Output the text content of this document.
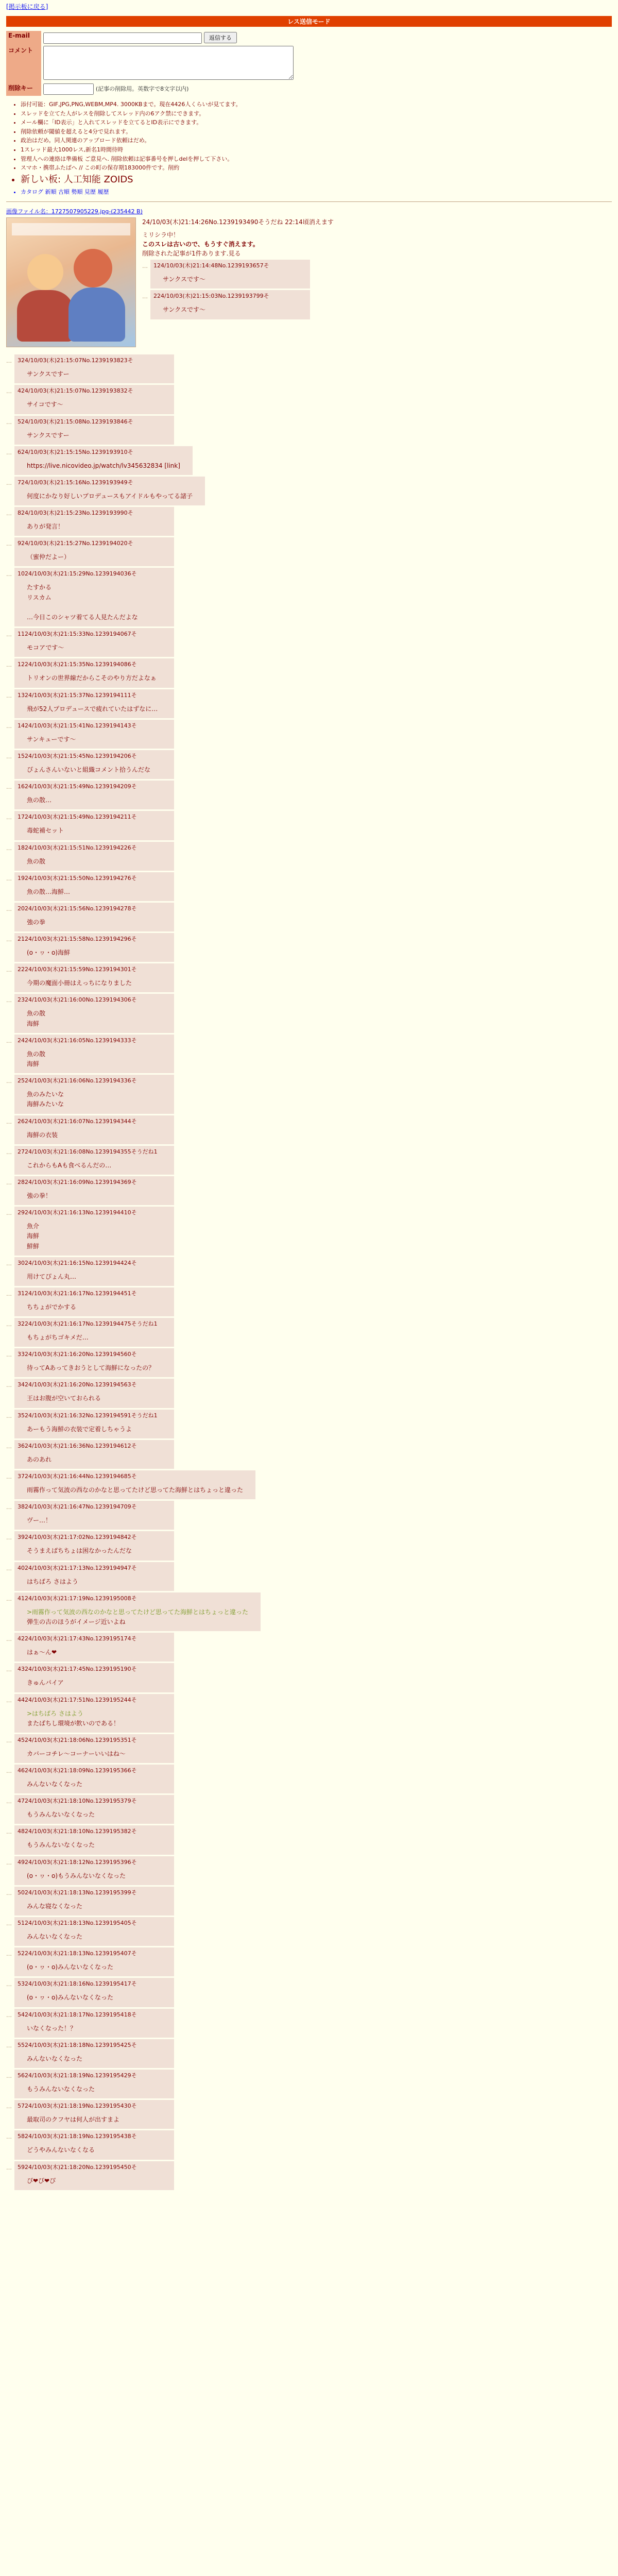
[掲示板に戻る]
レス送信モード
E-mail	返信する
コメント	
削除キー	(記事の削除用。英数字で8文字以内)
• 添付可能：GIF,JPG,PNG,WEBM,MP4. 3000KBまで。現在4426人くらいが見てます。
• スレッドを立てた人がレスを削除してスレッド内の6アク禁にできます。
• メール欄に「ID表示」と入れてスレッドを立てるとID表示にできます。
• 削除依頼が閾値を超えると4分で見れます。
• 政治はだめ。同人関連のアップロード依頼はだめ。
• 1スレッド最大1000レス,新名1時間待時
• 管理人への連絡は準備板 ご意見へ. 削除依頼は記事番号を押しdelを押して下さい。
• スマホ・携帯ふたばへ // この町の保存期183000件です。削約
• 新しい板: 人工知能 ZOIDS
• カタログ 新順 古順 勢順 見歴 履歴
画像ファイル名：1727507905229.jpg-(235442 B)
24/10/03(木)21:14:26No.1239193490そうだね 22:14頃消えます
ミリシラ中！
このスレは古いので、もうすぐ消えます。
削除された記事が1件あります.見る
…	124/10/03(木)21:14:48No.1239193657そ
サンクスです〜
…	224/10/03(木)21:15:03No.1239193799そ
サンクスです〜
…	324/10/03(木)21:15:07No.1239193823そ
サンクスですー
…	424/10/03(木)21:15:07No.1239193832そ
サイコです〜
…	524/10/03(木)21:15:08No.1239193846そ
サンクスですー
…	624/10/03(木)21:15:15No.1239193910そ
https://live.nicovideo.jp/watch/lv345632834 [link]
…	724/10/03(木)21:15:16No.1239193949そ
何度にかなり好しいプロデュースもアイドルもやってる諸子
…	824/10/03(木)21:15:23No.1239193990そ
ありが発言！
…	924/10/03(木)21:15:27No.1239194020そ
（蜜仲だよー）
…	1024/10/03(木)21:15:29No.1239194036そ
たすかる
リスカム

…今日このシャツ着てる人見たんだよな
…	1124/10/03(木)21:15:33No.1239194067そ
モコアです〜
…	1224/10/03(木)21:15:35No.1239194086そ
トリオンの世界線だからこそのやり方だよなぁ
…	1324/10/03(木)21:15:37No.1239194111そ
飛が52人プロデュースで疲れていたはずなに…
…	1424/10/03(木)21:15:41No.1239194143そ
サンキューです〜
…	1524/10/03(木)21:15:45No.1239194206そ
ぴょんさんいないと組織コメント拾うんだな
…	1624/10/03(木)21:15:49No.1239194209そ
魚の散…
…	1724/10/03(木)21:15:49No.1239194211そ
毒蛇補セット
…	1824/10/03(木)21:15:51No.1239194226そ
魚の散
…	1924/10/03(木)21:15:50No.1239194276そ
魚の散…海鮮…
…	2024/10/03(木)21:15:56No.1239194278そ
強の拳
…	2124/10/03(木)21:15:58No.1239194296そ
(o・ヮ・o)海鮮
…	2224/10/03(木)21:15:59No.1239194301そ
今期の魔面小冊はえっちになりました
…	2324/10/03(木)21:16:00No.1239194306そ
魚の散
海鮮
…	2424/10/03(木)21:16:05No.1239194333そ
魚の散
海鮮
…	2524/10/03(木)21:16:06No.1239194336そ
魚のみたいな
海鮮みたいな
…	2624/10/03(木)21:16:07No.1239194344そ
海鮮の衣装
…	2724/10/03(木)21:16:08No.1239194355そうだね1
これからもAも食べるんだの…
…	2824/10/03(木)21:16:09No.1239194369そ
強の拳！
…	2924/10/03(木)21:16:13No.1239194410そ
魚介
海鮮
鮮鮮
…	3024/10/03(木)21:16:15No.1239194424そ
用けてぴょん丸…
…	3124/10/03(木)21:16:17No.1239194451そ
ちちょがでかする
…	3224/10/03(木)21:16:17No.1239194475そうだね1
もちょがちゴキメだ…
…	3324/10/03(木)21:16:20No.1239194560そ
待ってAあってきおうとして海鮮になったの？
…	3424/10/03(木)21:16:20No.1239194563そ
王はお腹が空いておられる
…	3524/10/03(木)21:16:32No.1239194591そうだね1
あーもう海鮮の衣装で定着しちゃうよ
…	3624/10/03(木)21:16:36No.1239194612そ
あのあれ
…	3724/10/03(木)21:16:44No.1239194685そ
雨霧作って気波の西なのかなと思ってたけど思ってた海鮮とはちょっと違った
…	3824/10/03(木)21:16:47No.1239194709そ
ヴー…！
…	3924/10/03(木)21:17:02No.1239194842そ
そうまえばちちょは困なかったんだな
…	4024/10/03(木)21:17:13No.1239194947そ
はちばろ さはよう
…	4124/10/03(木)21:17:19No.1239195008そ
>雨霧作って気波の西なのかなと思ってたけど思ってた海鮮とはちょっと違った
弾生の古のほうがイメージ近いよね
…	4224/10/03(木)21:17:43No.1239195174そ
はぁ〜ん❤
…	4324/10/03(木)21:17:45No.1239195190そ
きゅんパイア
…	4424/10/03(木)21:17:51No.1239195244そ
>はちばろ さはよう
またばちし環境が飲いのである！
…	4524/10/03(木)21:18:06No.1239195351そ
カバーコチレ〜コーナーいいはね〜
…	4624/10/03(木)21:18:09No.1239195366そ
みんないなくなった
…	4724/10/03(木)21:18:10No.1239195379そ
もうみんないなくなった
…	4824/10/03(木)21:18:10No.1239195382そ
もうみんないなくなった
…	4924/10/03(木)21:18:12No.1239195396そ
(o・ヮ・o)もうみんないなくなった
…	5024/10/03(木)21:18:13No.1239195399そ
みんな寝なくなった
…	5124/10/03(木)21:18:13No.1239195405そ
みんないなくなった
…	5224/10/03(木)21:18:13No.1239195407そ
(o・ヮ・o)みんないなくなった
…	5324/10/03(木)21:18:16No.1239195417そ
(o・ヮ・o)みんないなくなった
…	5424/10/03(木)21:18:17No.1239195418そ
いなくなった！？
…	5524/10/03(木)21:18:18No.1239195425そ
みんないなくなった
…	5624/10/03(木)21:18:19No.1239195429そ
もうみんないなくなった
…	5724/10/03(木)21:18:19No.1239195430そ
最取司のクフヤは何人が出すまよ
…	5824/10/03(木)21:18:19No.1239195438そ
どうやみんないなくなる
…	5924/10/03(木)21:18:20No.1239195450そ
ぴ❤ぴ❤ぴ
